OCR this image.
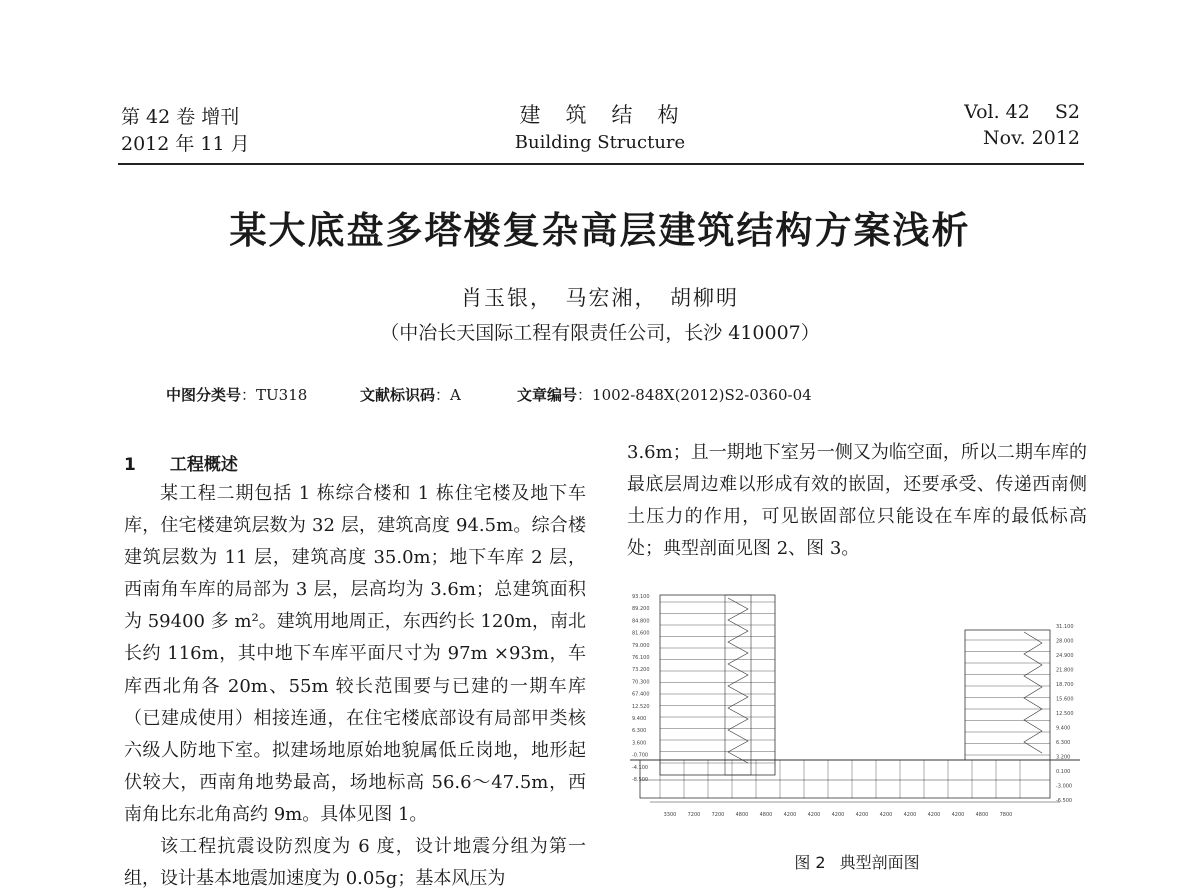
第 42 卷 增刊
2012 年 11 月
建　筑　结　构
Building Structure
Vol. 42　 S2
Nov. 2012
某大底盘多塔楼复杂高层建筑结构方案浅析
肖玉银，　马宏湘，　胡柳明
（中冶长天国际工程有限责任公司，长沙 410007）
中图分类号：TU318	文献标识码：A	文章编号：1002-848X(2012)S2-0360-04
1 工程概述

某工程二期包括 1 栋综合楼和 1 栋住宅楼及地下车库，住宅楼建筑层数为 32 层，建筑高度 94.5m。综合楼建筑层数为 11 层，建筑高度 35.0m；地下车库 2 层，西南角车库的局部为 3 层，层高均为 3.6m；总建筑面积为 59400 多 m²。建筑用地周正，东西约长 120m，南北长约 116m，其中地下车库平面尺寸为 97m ×93m，车库西北角各 20m、55m 较长范围要与已建的一期车库（已建成使用）相接连通，在住宅楼底部设有局部甲类核六级人防地下室。拟建场地原始地貌属低丘岗地，地形起伏较大，西南角地势最高，场地标高 56.6～47.5m，西南角比东北角高约 9m。具体见图 1。

该工程抗震设防烈度为 6 度，设计地震分组为第一组，设计基本地震加速度为 0.05g；基本风压为

3.6m；且一期地下室另一侧又为临空面，所以二期车库的最底层周边难以形成有效的嵌固，还要承受、传递西南侧土压力的作用，可见嵌固部位只能设在车库的最低标高处；典型剖面见图 2、图 3。

93.100
89.200
84.800
81.600
79.000
76.100
73.200
70.300
67.400
12.520
9.400
6.300
3.600
-0.700
-4.100
-8.500
31.100
28.000
24.900
21.800
18.700
15.600
12.500
9.400
6.300
3.200
0.100
-3.000
-6.500
3300 7200 7200 4800 4800 4200 4200 4200 4200 4200 4200 4200 4200 4800 7800
图 2 典型剖面图
